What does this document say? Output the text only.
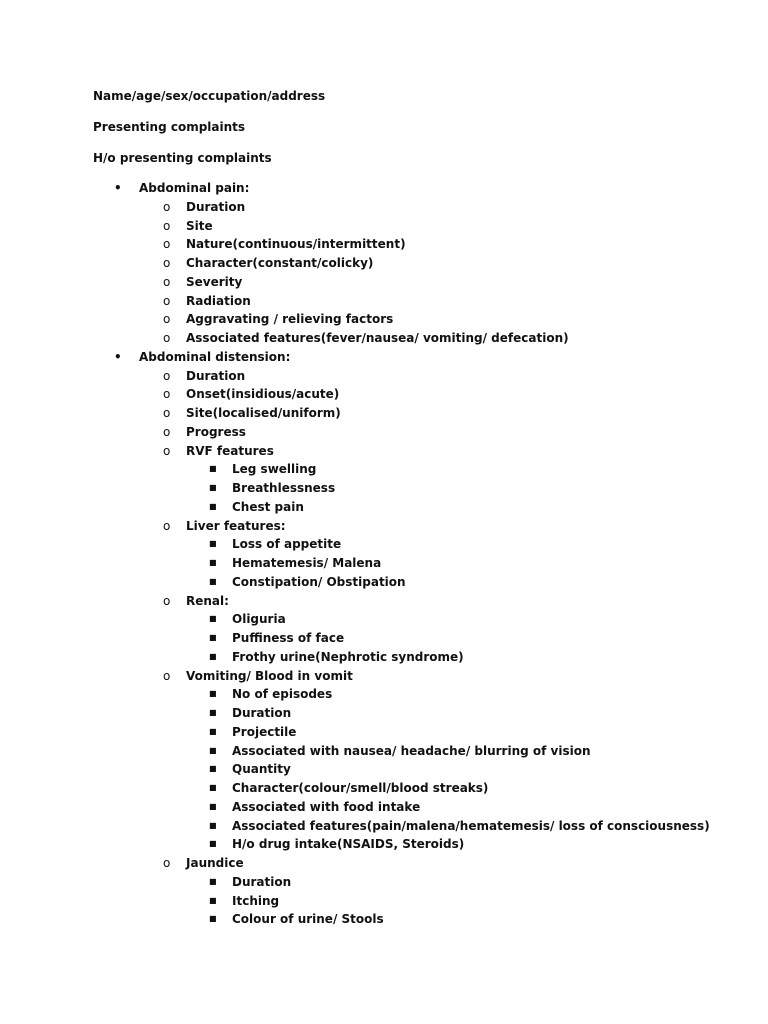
Name/age/sex/occupation/address
Presenting complaints
H/o presenting complaints
•	Abdominal pain:
o	Duration
o	Site
o	Nature(continuous/intermittent)
o	Character(constant/colicky)
o	Severity
o	Radiation
o	Aggravating / relieving factors
o	Associated features(fever/nausea/ vomiting/ defecation)
•	Abdominal distension:
o	Duration
o	Onset(insidious/acute)
o	Site(localised/uniform)
o	Progress
o	RVF features
■	Leg swelling
■	Breathlessness
■	Chest pain
o	Liver features:
■	Loss of appetite
■	Hematemesis/ Malena
■	Constipation/ Obstipation
o	Renal:
■	Oliguria
■	Puffiness of face
■	Frothy urine(Nephrotic syndrome)
o	Vomiting/ Blood in vomit
■	No of episodes
■	Duration
■	Projectile
■	Associated with nausea/ headache/ blurring of vision
■	Quantity
■	Character(colour/smell/blood streaks)
■	Associated with food intake
■	Associated features(pain/malena/hematemesis/ loss of consciousness)
■	H/o drug intake(NSAIDS, Steroids)
o	Jaundice
■	Duration
■	Itching
■	Colour of urine/ Stools
